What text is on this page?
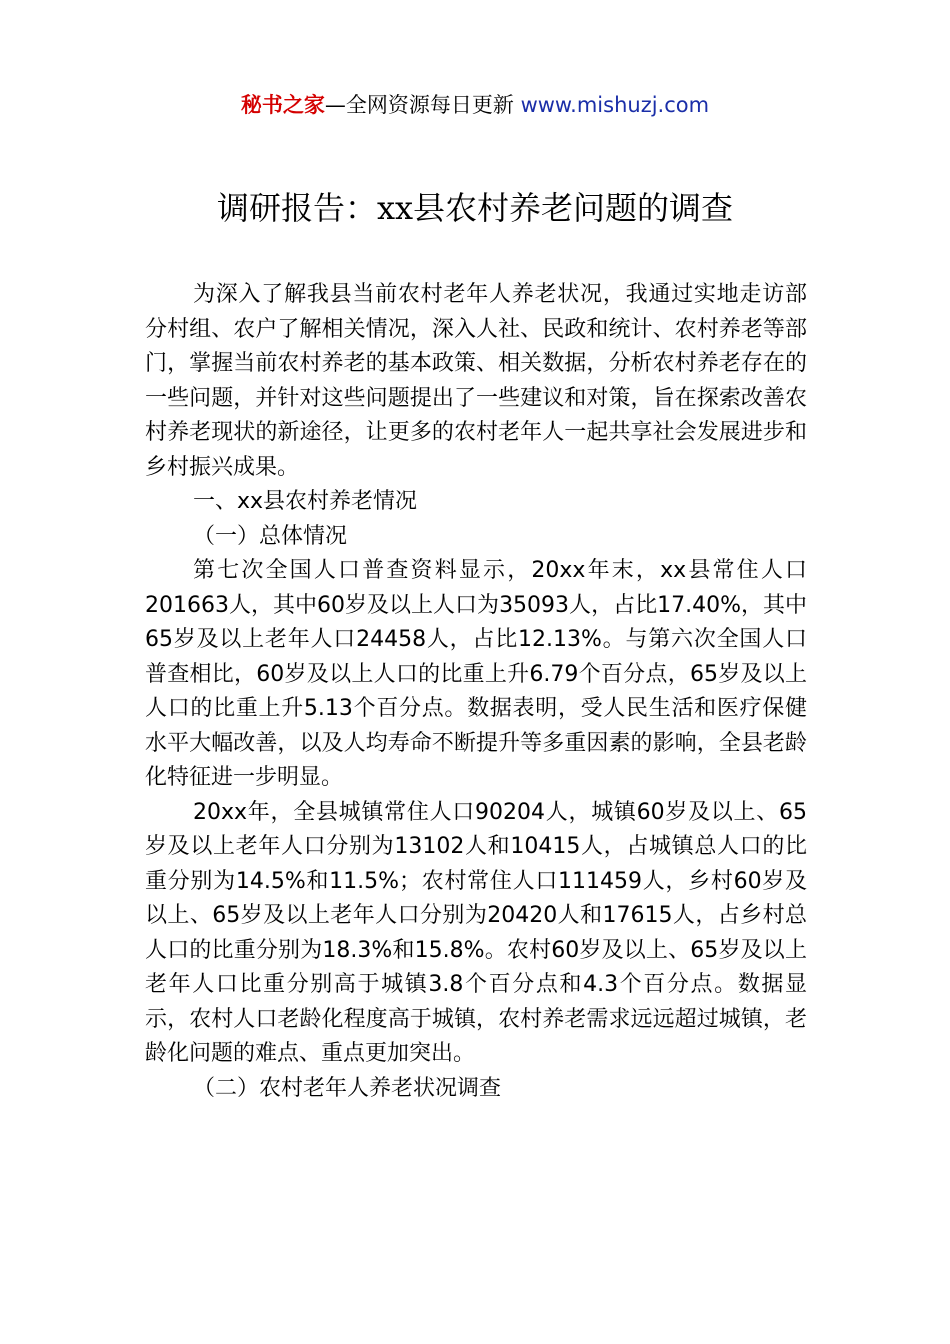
秘书之家—全网资源每日更新 www.mishuzj.com
调研报告：xx县农村养老问题的调查

为深入了解我县当前农村老年人养老状况，我通过实地走访部分村组、农户了解相关情况，深入人社、民政和统计、农村养老等部门，掌握当前农村养老的基本政策、相关数据，分析农村养老存在的一些问题，并针对这些问题提出了一些建议和对策，旨在探索改善农村养老现状的新途径，让更多的农村老年人一起共享社会发展进步和乡村振兴成果。

一、xx县农村养老情况

（一）总体情况

第七次全国人口普查资料显示，20xx年末，xx县常住人口201663人，其中60岁及以上人口为35093人，占比17.40%，其中65岁及以上老年人口24458人，占比12.13%。与第六次全国人口普查相比，60岁及以上人口的比重上升6.79个百分点，65岁及以上人口的比重上升5.13个百分点。数据表明，受人民生活和医疗保健水平大幅改善，以及人均寿命不断提升等多重因素的影响，全县老龄化特征进一步明显。

20xx年，全县城镇常住人口90204人，城镇60岁及以上、65岁及以上老年人口分别为13102人和10415人，占城镇总人口的比重分别为14.5%和11.5%；农村常住人口111459人，乡村60岁及以上、65岁及以上老年人口分别为20420人和17615人，占乡村总人口的比重分别为18.3%和15.8%。农村60岁及以上、65岁及以上老年人口比重分别高于城镇3.8个百分点和4.3个百分点。数据显示，农村人口老龄化程度高于城镇，农村养老需求远远超过城镇，老龄化问题的难点、重点更加突出。

（二）农村老年人养老状况调查
